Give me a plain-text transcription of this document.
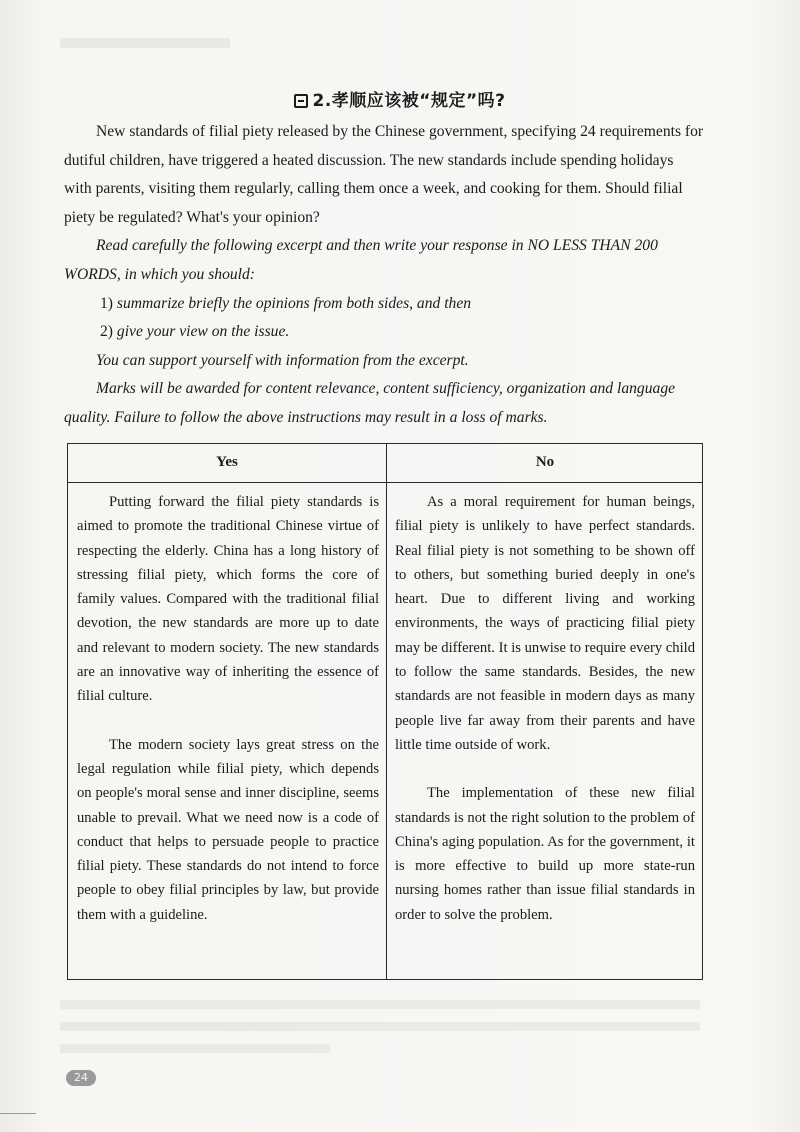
2.孝顺应该被“规定”吗?

New standards of filial piety released by the Chinese government, specifying 24 requirements for dutiful children, have triggered a heated discussion. The new standards include spending holidays with parents, visiting them regularly, calling them once a week, and cooking for them. Should filial piety be regulated? What's your opinion?

Read carefully the following excerpt and then write your response in NO LESS THAN 200 WORDS, in which you should:

1) summarize briefly the opinions from both sides, and then

2) give your view on the issue.

You can support yourself with information from the excerpt.

Marks will be awarded for content relevance, content sufficiency, organization and language quality. Failure to follow the above instructions may result in a loss of marks.

Yes	No

Putting forward the filial piety standards is aimed to promote the traditional Chinese virtue of respecting the elderly. China has a long history of stressing filial piety, which forms the core of family values. Compared with the traditional filial devotion, the new standards are more up to date and relevant to modern society. The new standards are an innovative way of inheriting the essence of filial culture.

The modern society lays great stress on the legal regulation while filial piety, which depends on people's moral sense and inner discipline, seems unable to prevail. What we need now is a code of conduct that helps to persuade people to practice filial piety. These standards do not intend to force people to obey filial principles by law, but provide them with a guideline.

As a moral requirement for human beings, filial piety is unlikely to have perfect standards. Real filial piety is not something to be shown off to others, but something buried deeply in one's heart. Due to different living and working environments, the ways of practicing filial piety may be different. It is unwise to require every child to follow the same standards. Besides, the new standards are not feasible in modern days as many people live far away from their parents and have little time outside of work.

The implementation of these new filial standards is not the right solution to the problem of China's aging population. As for the government, it is more effective to build up more state-run nursing homes rather than issue filial standards in order to solve the problem.

24
